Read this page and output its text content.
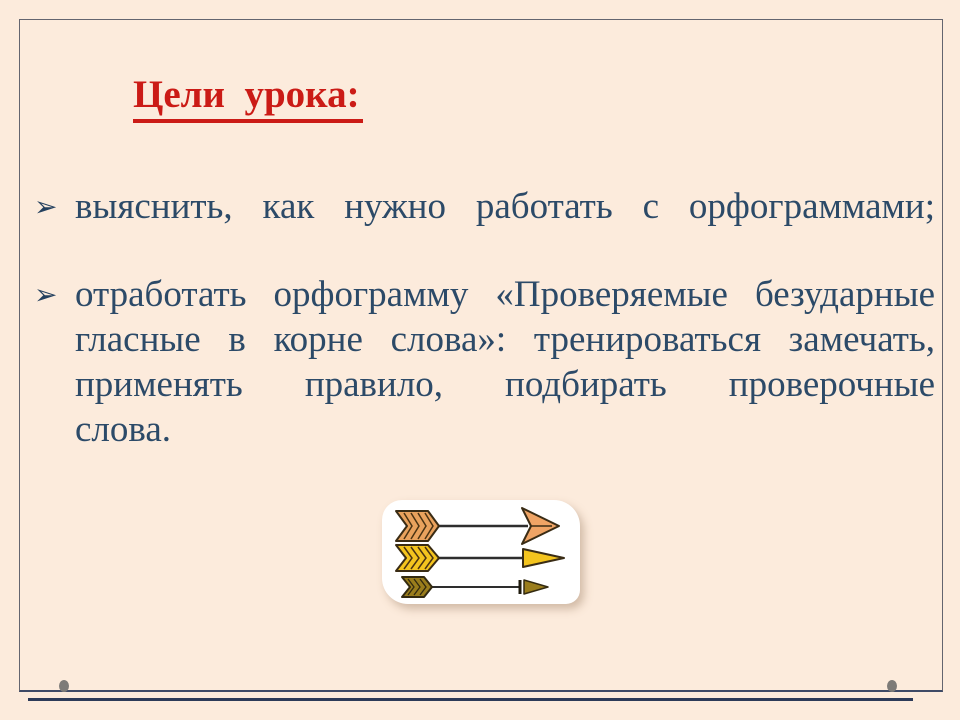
Цели  урока:
➢ выяснить, как нужно работать с орфограммами;
➢ отработать орфограмму «Проверяемые безударные
гласные в корне слова»: тренироваться замечать,
применять правило, подбирать проверочные
слова.
